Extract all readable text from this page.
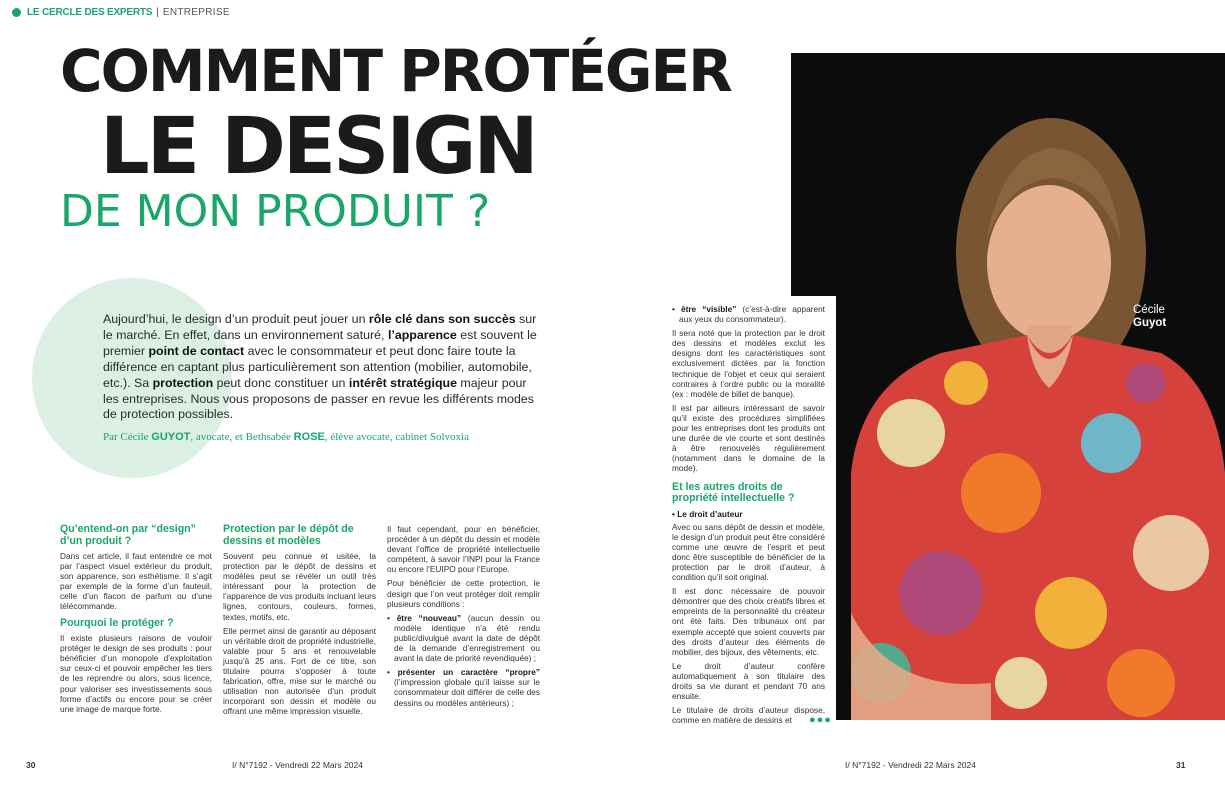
LE CERCLE DES EXPERTS | ENTREPRISE
COMMENT PROTÉGER
LE DESIGN
DE MON PRODUIT ?
Aujourd’hui, le design d’un produit peut jouer un rôle clé dans son succès sur le marché. En effet, dans un environnement saturé, l’apparence est souvent le premier point de contact avec le consommateur et peut donc faire toute la différence en captant plus particulièrement son attention (mobilier, automobile, etc.). Sa protection peut donc constituer un intérêt stratégique majeur pour les entreprises. Nous vous proposons de passer en revue les différents modes de protection possibles.
Par Cécile GUYOT, avocate, et Bethsabée ROSE, élève avocate, cabinet Solvoxia
Qu’entend-on par “design” d’un produit ?

Dans cet article, il faut entendre ce mot par l’aspect visuel extérieur du produit, son apparence, son esthétisme. Il s’agit par exemple de la forme d’un fauteuil, celle d’un flacon de parfum ou d’une télécommande.

Pourquoi le protéger ?

Il existe plusieurs raisons de vouloir protéger le design de ses produits : pour bénéficier d’un monopole d’exploitation sur ceux-ci et pouvoir empêcher les tiers de les reprendre ou alors, sous licence, pour valoriser ses investissements sous forme d’actifs ou encore pour se créer une image de marque forte.

Protection par le dépôt de dessins et modèles

Souvent peu connue et usitée, la protection par le dépôt de dessins et modèles peut se révéler un outil très intéressant pour la protection de l’apparence de vos produits incluant leurs lignes, contours, couleurs, formes, textes, motifs, etc.

Elle permet ainsi de garantir au déposant un véritable droit de propriété industrielle, valable pour 5 ans et renouvelable jusqu’à 25 ans. Fort de ce titre, son titulaire pourra s’opposer à toute fabrication, offre, mise sur le marché ou utilisation non autorisée d’un produit incorporant son dessin et modèle ou offrant une même impression visuelle.

Il faut cependant, pour en bénéficier, procéder à un dépôt du dessin et modèle devant l’office de propriété intellectuelle compétent, à savoir l’INPI pour la France ou encore l’EUIPO pour l’Europe.

Pour bénéficier de cette protection, le design que l’on veut protéger doit remplir plusieurs conditions :

• être “nouveau” (aucun dessin ou modèle identique n’a été rendu public/divulgué avant la date de dépôt de la demande d’enregistrement ou avant la date de priorité revendiquée) ;

• présenter un caractère “propre” (l’impression globale qu’il laisse sur le consommateur doit différer de celle des dessins ou modèles antérieurs) ;

Cécile
Guyot

• être “visible” (c’est-à-dire apparent aux yeux du consommateur).

Il sera noté que la protection par le droit des dessins et modèles exclut les designs dont les caractéristiques sont exclusivement dictées par la fonction technique de l’objet et ceux qui seraient contraires à l’ordre public ou la moralité (ex : modèle de billet de banque).

Il est par ailleurs intéressant de savoir qu’il existe des procédures simplifiées pour les entreprises dont les produits ont une durée de vie courte et sont destinés à être renouvelés régulièrement (notamment dans le domaine de la mode).

Et les autres droits de propriété intellectuelle ?

• Le droit d’auteur

Avec ou sans dépôt de dessin et modèle, le design d’un produit peut être considéré comme une œuvre de l’esprit et peut donc être susceptible de bénéficier de la protection par le droit d’auteur, à condition qu’il soit original.

Il est donc nécessaire de pouvoir démontrer que des choix créatifs libres et empreints de la personnalité du créateur ont été faits. Des tribunaux ont par exemple accepté que soient couverts par des droits d’auteur des éléments de mobilier, des bijoux, des vêtements, etc.

Le droit d’auteur confère automatiquement à son titulaire des droits sa vie durant et pendant 70 ans ensuite.

Le titulaire de droits d’auteur dispose, comme en matière de dessins et	●●●
30	I/ N°7192 - Vendredi 22 Mars 2024	I/ N°7192 - Vendredi 22 Mars 2024	31
